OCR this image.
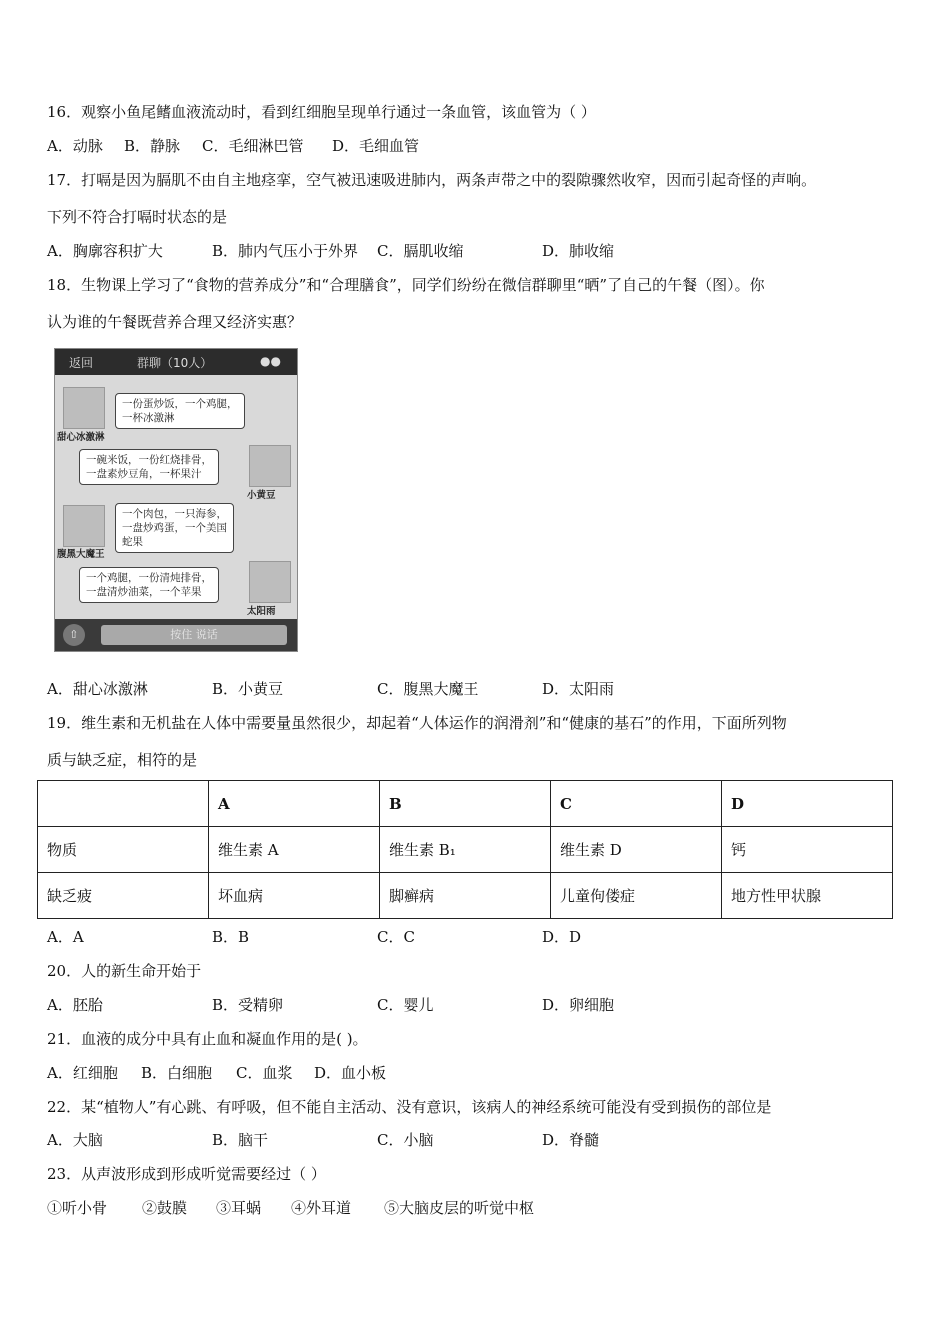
16．观察小鱼尾鳍血液流动时，看到红细胞呈现单行通过一条血管，该血管为（ ）
A．动脉 B．静脉 C．毛细淋巴管 D．毛细血管
17．打嗝是因为膈肌不由自主地痉挛，空气被迅速吸进肺内，两条声带之中的裂隙骤然收窄，因而引起奇怪的声响。
下列不符合打嗝时状态的是
A．胸廓容积扩大	B．肺内气压小于外界 C．膈肌收缩	D．肺收缩
18．生物课上学习了“食物的营养成分”和“合理膳食”，同学们纷纷在微信群聊里“晒”了自己的午餐（图）。你
认为谁的午餐既营养合理又经济实惠？
返回	群聊（10人）	●●
甜心冰激淋
一份蛋炒饭，一个鸡腿，
一杯冰激淋
小黄豆
一碗米饭，一份红烧排骨，
一盘素炒豆角，一杯果汁
腹黑大魔王
一个肉包，一只海参，
一盘炒鸡蛋，一个美国
蛇果
太阳雨
一个鸡腿，一份清炖排骨，
一盘清炒油菜，一个苹果
⇧	按住 说话
A．甜心冰激淋	B．小黄豆	C．腹黑大魔王	D．太阳雨
19．维生素和无机盐在人体中需要量虽然很少，却起着“人体运作的润滑剂”和“健康的基石”的作用，下面所列物
质与缺乏症，相符的是
	A	B	C	D
物质	维生素 A	维生素 B₁	维生素 D	钙
缺乏疲	坏血病	脚癣病	儿童佝偻症	地方性甲状腺
A．A	B．B	C．C	D．D
20．人的新生命开始于
A．胚胎	B．受精卵	C．婴儿	D．卵细胞
21．血液的成分中具有止血和凝血作用的是( )。
A．红细胞 B．白细胞 C．血浆 D．血小板
22．某“植物人”有心跳、有呼吸，但不能自主活动、没有意识，该病人的神经系统可能没有受到损伤的部位是
A．大脑	B．脑干	C．小脑	D．脊髓
23．从声波形成到形成听觉需要经过（ ）
①听小骨 ②鼓膜 ③耳蜗 ④外耳道 ⑤大脑皮层的听觉中枢
